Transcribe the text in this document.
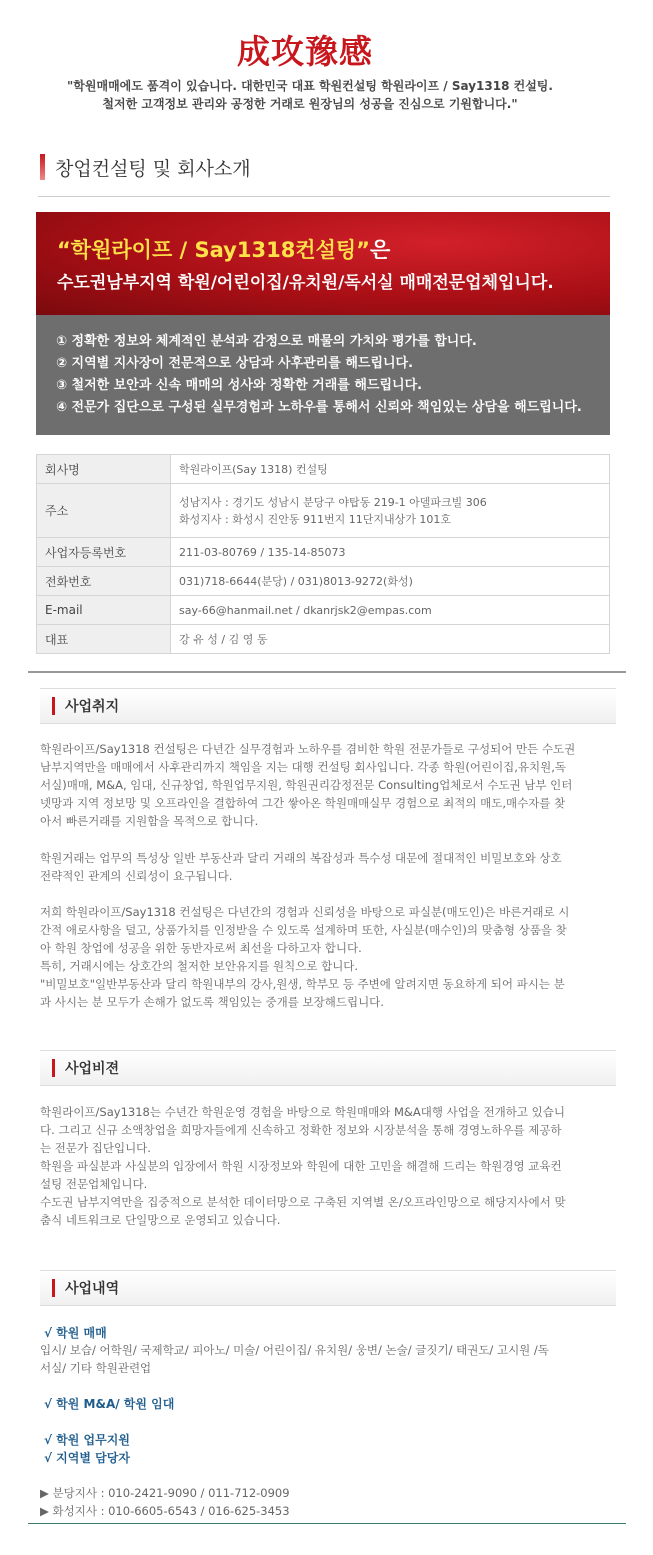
成攻豫感
"학원매매에도 품격이 있습니다. 대한민국 대표 학원컨설팅 학원라이프 / Say1318 컨설팅.
철저한 고객정보 관리와 공정한 거래로 원장님의 성공을 진심으로 기원합니다."
창업컨설팅 및 회사소개
“학원라이프 / Say1318컨설팅”은
수도권남부지역 학원/어린이집/유치원/독서실 매매전문업체입니다.
① 정확한 정보와 체계적인 분석과 감정으로 매물의 가치와 평가를 합니다.
② 지역별 지사장이 전문적으로 상담과 사후관리를 해드립니다.
③ 철저한 보안과 신속 매매의 성사와 정확한 거래를 해드립니다.
④ 전문가 집단으로 구성된 실무경험과 노하우를 통해서 신뢰와 책임있는 상담을 해드립니다.
회사명	학원라이프(Say 1318) 컨설팅
주소	성남지사 : 경기도 성남시 분당구 야탑동 219-1 아델파크빌 306
화성지사 : 화성시 진안동 911번지 11단지내상가 101호

사업자등록번호	211-03-80769 / 135-14-85073
전화번호	031)718-6644(분당) / 031)8013-9272(화성)
E-mail	say-66@hanmail.net / dkanrjsk2@empas.com
대표	강 유 성 / 김 영 동
사업취지
학원라이프/Say1318 컨설팅은 다년간 실무경험과 노하우를 겸비한 학원 전문가들로 구성되어 만든 수도권
남부지역만을 매매에서 사후관리까지 책임을 지는 대행 컨설팅 회사입니다. 각종 학원(어린이집,유치원,독
서실)매매, M&A, 임대, 신규창업, 학원업무지원, 학원권리감정전문 Consulting업체로서 수도권 남부 인터
넷망과 지역 정보망 및 오프라인을 결합하여 그간 쌓아온 학원매매실무 경험으로 최적의 매도,매수자를 찾
아서 빠른거래를 지원함을 목적으로 합니다.
학원거래는 업무의 특성상 일반 부동산과 달리 거래의 복잡성과 특수성 대문에 절대적인 비밀보호와 상호
전략적인 관계의 신뢰성이 요구됩니다.
저희 학원라이프/Say1318 컨설팅은 다년간의 경험과 신뢰성을 바탕으로 파실분(매도인)은 바른거래로 시
간적 애로사항을 덜고, 상품가치를 인정받을 수 있도록 설계하며 또한, 사실분(매수인)의 맞춤형 상품을 찾
아 학원 창업에 성공을 위한 동반자로써 최선을 다하고자 합니다.
특히, 거래시에는 상호간의 철저한 보안유지를 원칙으로 합니다.
"비밀보호"일반부동산과 달리 학원내부의 강사,원생, 학부모 등 주변에 알려지면 동요하게 되어 파시는 분
과 사시는 분 모두가 손해가 없도록 책임있는 중개를 보장해드립니다.
사업비젼
학원라이프/Say1318는 수년간 학원운영 경험을 바탕으로 학원매매와 M&A대행 사업을 전개하고 있습니
다. 그리고 신규 소액창업을 희망자들에게 신속하고 정확한 정보와 시장분석을 통해 경영노하우를 제공하
는 전문가 집단입니다.
학원을 파실분과 사실분의 입장에서 학원 시장정보와 학원에 대한 고민을 해결해 드리는 학원경영 교육컨
설팅 전문업체입니다.
수도권 남부지역만을 집중적으로 분석한 데이터망으로 구축된 지역별 온/오프라인망으로 해당지사에서 맞
춤식 네트워크로 단일망으로 운영되고 있습니다.
사업내역
√ 학원 매매
입시/ 보습/ 어학원/ 국제학교/ 피아노/ 미술/ 어린이집/ 유치원/ 웅변/ 논술/ 글짓기/ 태권도/ 고시원 /독
서실/ 기타 학원관련업
√ 학원 M&A/ 학원 임대
√ 학원 업무지원
√ 지역별 담당자
▶ 분당지사 : 010-2421-9090 / 011-712-0909
▶ 화성지사 : 010-6605-6543 / 016-625-3453
